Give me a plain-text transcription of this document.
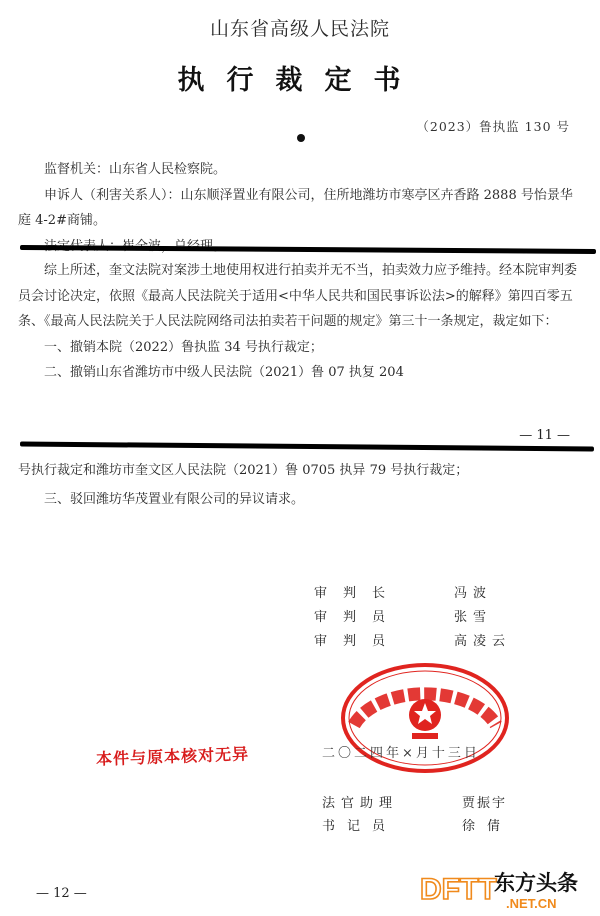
山东省高级人民法院
执行裁定书
（2023）鲁执监 130 号

监督机关：山东省人民检察院。

申诉人（利害关系人）：山东顺泽置业有限公司，住所地潍坊市寒亭区卉香路 2888 号怡景华庭 4-2#商铺。

综上所述，奎文法院对案涉土地使用权进行拍卖并无不当，拍卖效力应予维持。经本院审判委员会讨论决定，依照《最高人民法院关于适用<中华人民共和国民事诉讼法>的解释》第四百零五条、《最高人民法院关于人民法院网络司法拍卖若干问题的规定》第三十一条规定，裁定如下：

一、撤销本院（2022）鲁执监 34 号执行裁定；

二、撤销山东省潍坊市中级人民法院（2021）鲁 07 执复 204

— 11 —

号执行裁定和潍坊市奎文区人民法院（2021）鲁 0705 执异 79 号执行裁定；

三、驳回潍坊华茂置业有限公司的异议请求。

审判长	冯波
审判员	张雪
审判员	高凌云
本件与原本核对无异	二〇二四年×月十三日
法官助理	贾振宇
书记员	徐倩
— 12 —	DFTT
东方头条
.NET.CN
